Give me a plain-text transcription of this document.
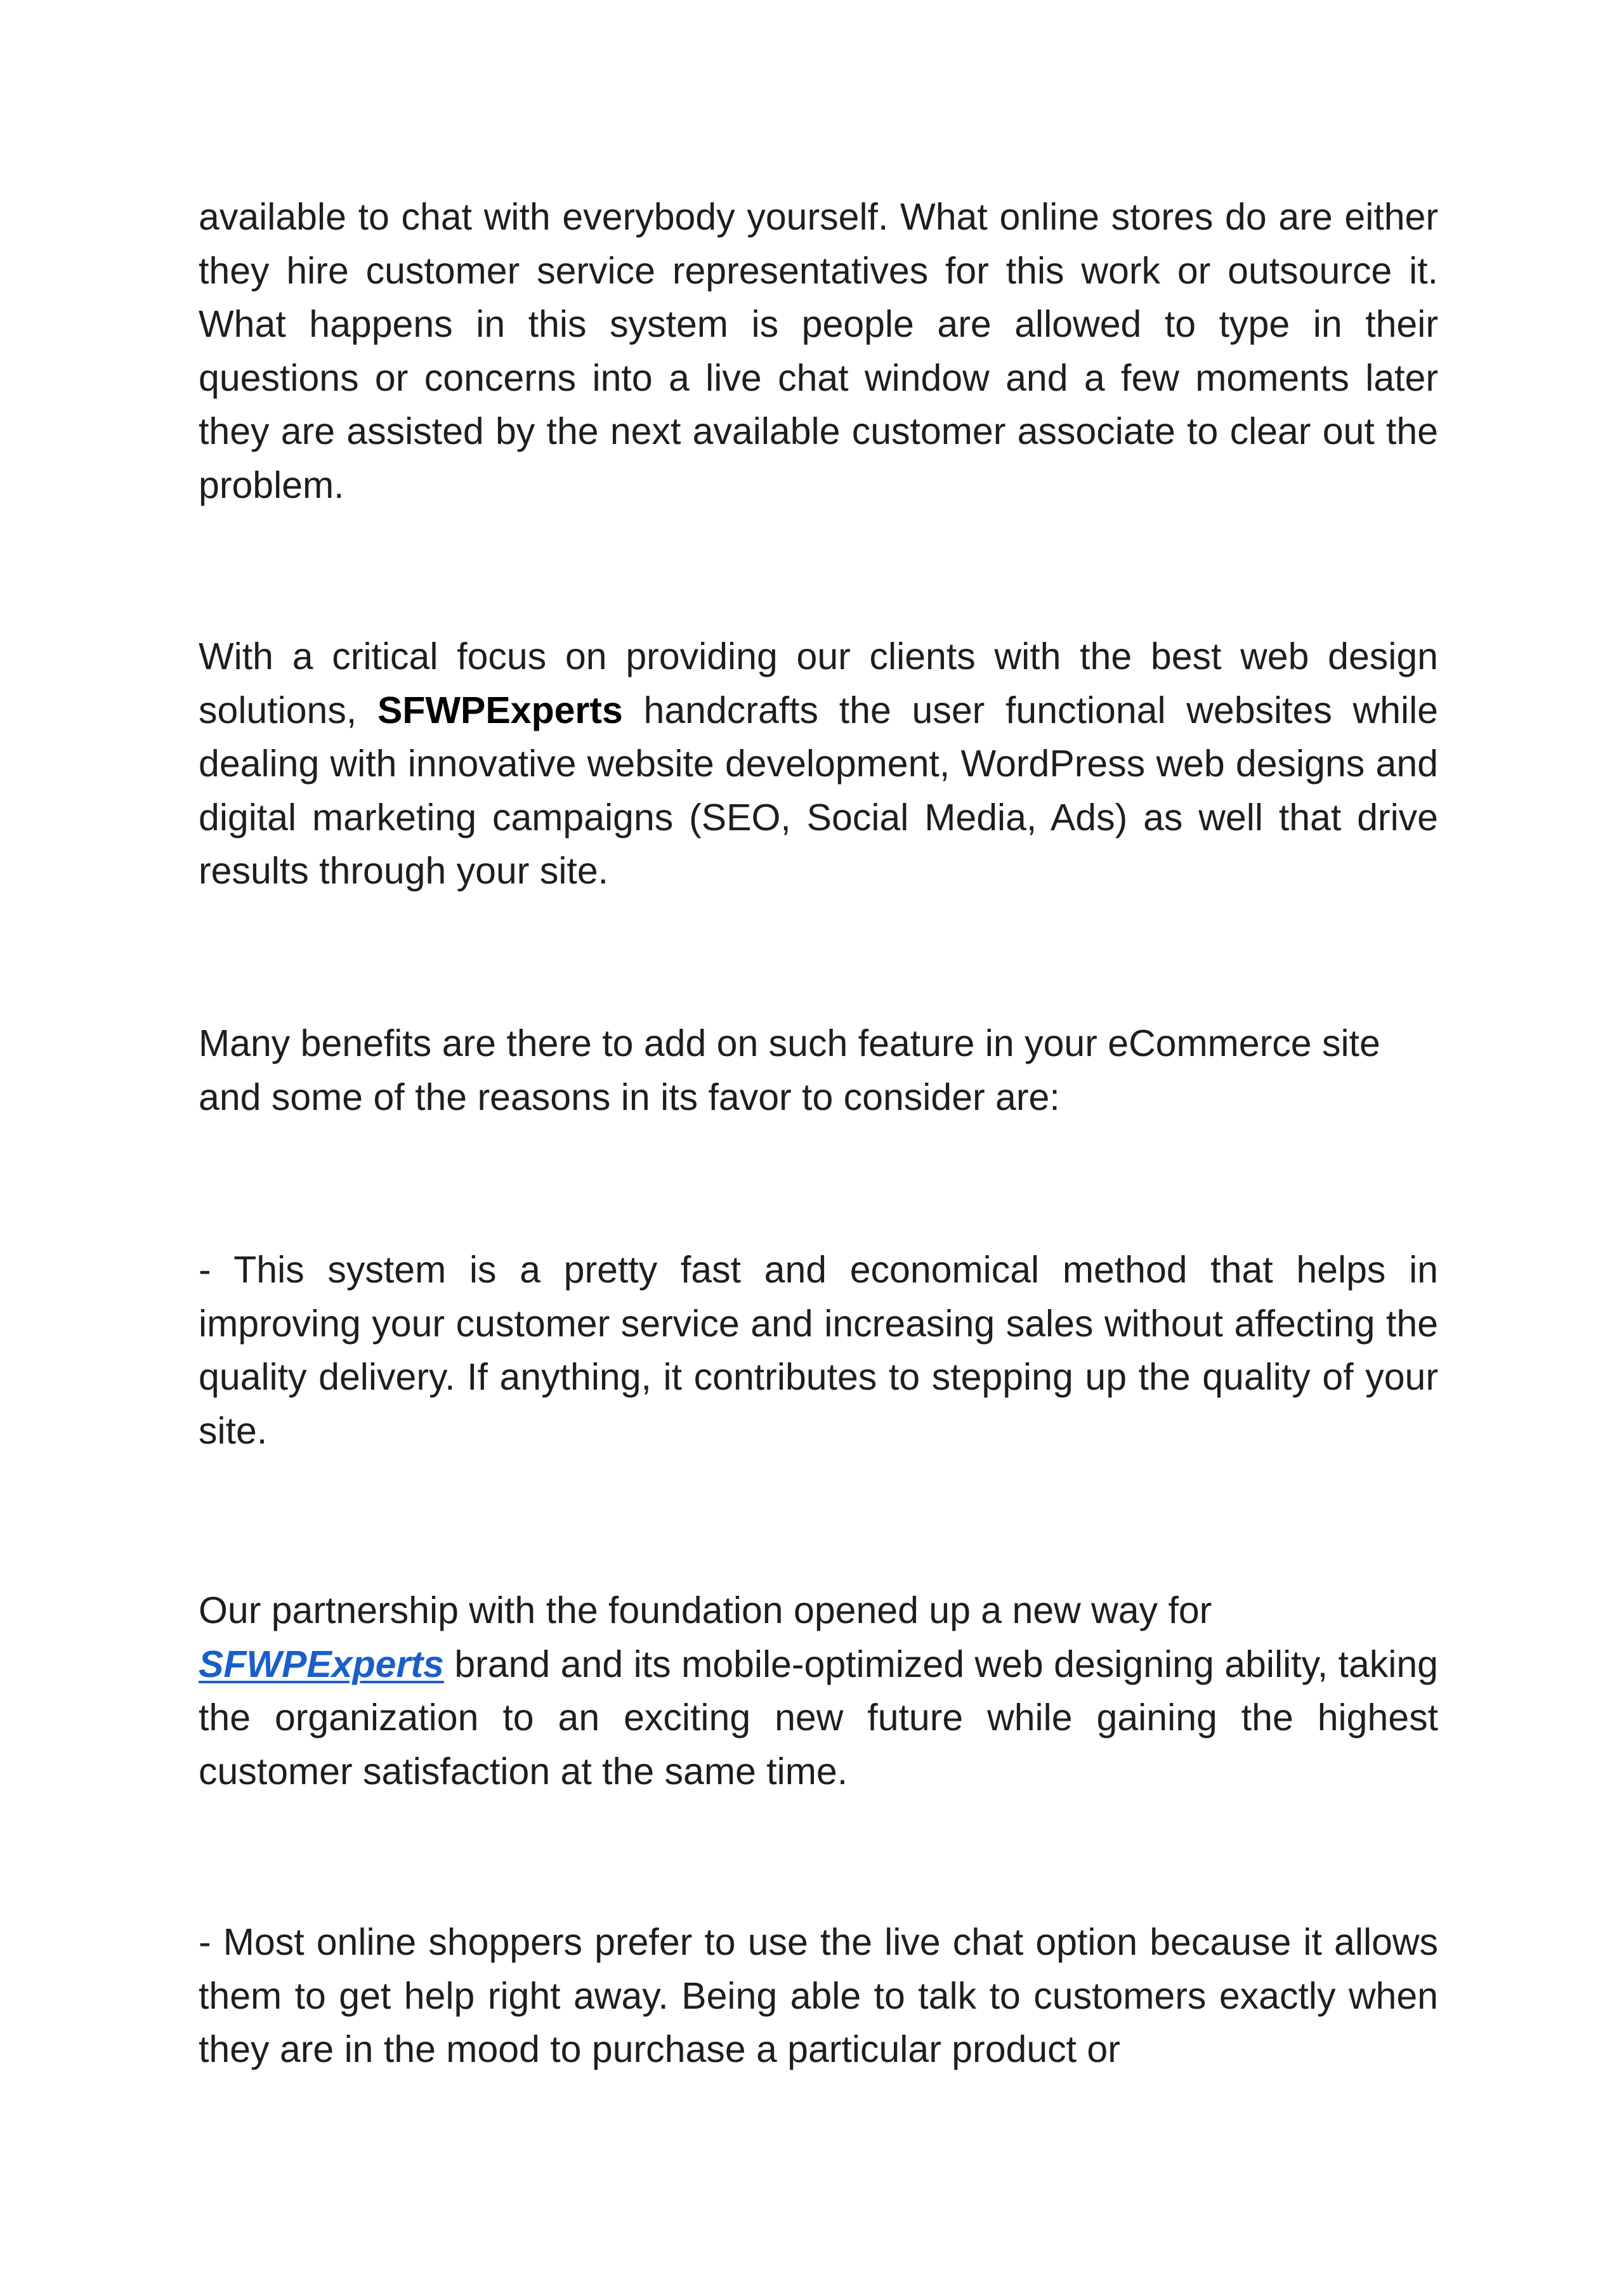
available to chat with everybody yourself. What online stores do are either they hire customer service representatives for this work or outsource it. What happens in this system is people are allowed to type in their questions or concerns into a live chat window and a few moments later they are assisted by the next available customer associate to clear out the problem.

With a critical focus on providing our clients with the best web design solutions, SFWPExperts handcrafts the user functional websites while dealing with innovative website development, WordPress web designs and digital marketing campaigns (SEO, Social Media, Ads) as well that drive results through your site.

Many benefits are there to add on such feature in your eCommerce site and some of the reasons in its favor to consider are:

- This system is a pretty fast and economical method that helps in improving your customer service and increasing sales without affecting the quality delivery. If anything, it contributes to stepping up the quality of your site.

Our partnership with the foundation opened up a new way for
SFWPExperts brand and its mobile-optimized web designing ability, taking the organization to an exciting new future while gaining the highest customer satisfaction at the same time.

- Most online shoppers prefer to use the live chat option because it allows them to get help right away. Being able to talk to customers exactly when they are in the mood to purchase a particular product or
